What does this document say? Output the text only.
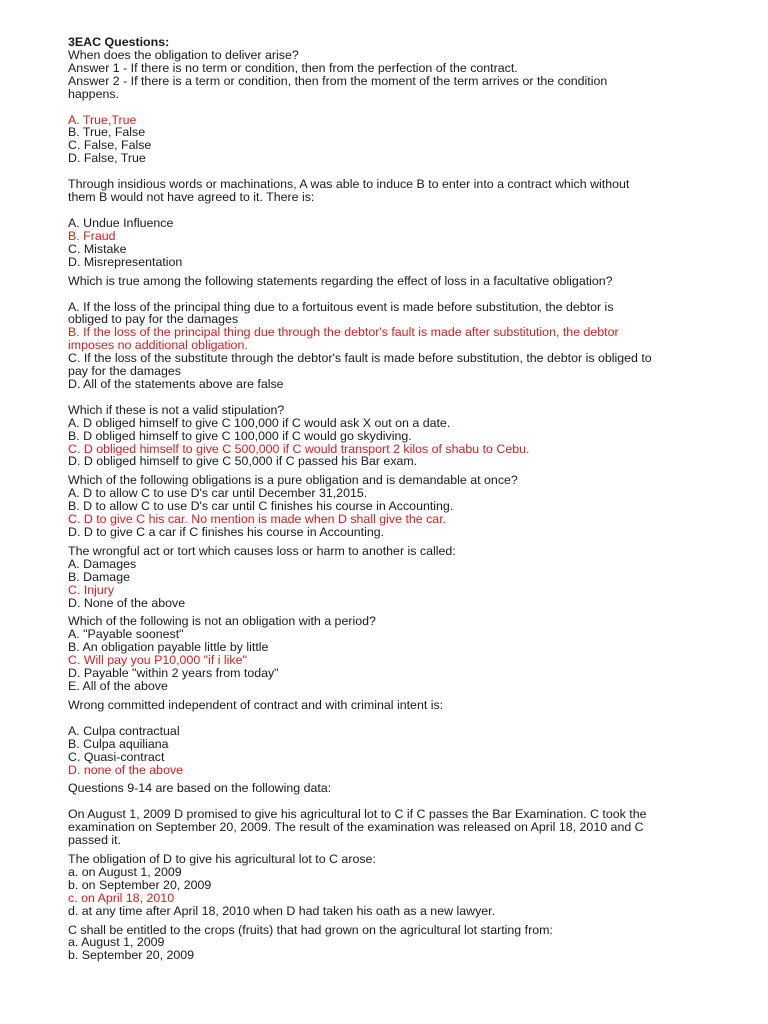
3EAC Questions:
When does the obligation to deliver arise?
Answer 1 - If there is no term or condition, then from the perfection of the contract.
Answer 2 - If there is a term or condition, then from the moment of the term arrives or the condition
happens.
A. True,True
B. True, False
C. False, False
D. False, True
Through insidious words or machinations, A was able to induce B to enter into a contract which without
them B would not have agreed to it. There is:
A. Undue Influence
B. Fraud
C. Mistake
D. Misrepresentation
Which is true among the following statements regarding the effect of loss in a facultative obligation?
A. If the loss of the principal thing due to a fortuitous event is made before substitution, the debtor is
obliged to pay for the damages
B. If the loss of the principal thing due through the debtor's fault is made after substitution, the debtor
imposes no additional obligation.
C. If the loss of the substitute through the debtor's fault is made before substitution, the debtor is obliged to
pay for the damages
D. All of the statements above are false
Which if these is not a valid stipulation?
A. D obliged himself to give C 100,000 if C would ask X out on a date.
B. D obliged himself to give C 100,000 if C would go skydiving.
C. D obliged himself to give C 500,000 if C would transport 2 kilos of shabu to Cebu.
D. D obliged himself to give C 50,000 if C passed his Bar exam.
Which of the following obligations is a pure obligation and is demandable at once?
A. D to allow C to use D's car until December 31,2015.
B. D to allow C to use D's car until C finishes his course in Accounting.
C. D to give C his car. No mention is made when D shall give the car.
D. D to give C a car if C finishes his course in Accounting.
The wrongful act or tort which causes loss or harm to another is called:
A. Damages
B. Damage
C. Injury
D. None of the above
Which of the following is not an obligation with a period?
A. "Payable soonest"
B. An obligation payable little by little
C. Will pay you P10,000 "if i like"
D. Payable "within 2 years from today"
E. All of the above
Wrong committed independent of contract and with criminal intent is:
A. Culpa contractual
B. Culpa aquiliana
C. Quasi-contract
D. none of the above
Questions 9-14 are based on the following data:
On August 1, 2009 D promised to give his agricultural lot to C if C passes the Bar Examination. C took the
examination on September 20, 2009. The result of the examination was released on April 18, 2010 and C
passed it.
The obligation of D to give his agricultural lot to C arose:
a. on August 1, 2009
b. on September 20, 2009
c. on April 18, 2010
d. at any time after April 18, 2010 when D had taken his oath as a new lawyer.
C shall be entitled to the crops (fruits) that had grown on the agricultural lot starting from:
a. August 1, 2009
b. September 20, 2009
